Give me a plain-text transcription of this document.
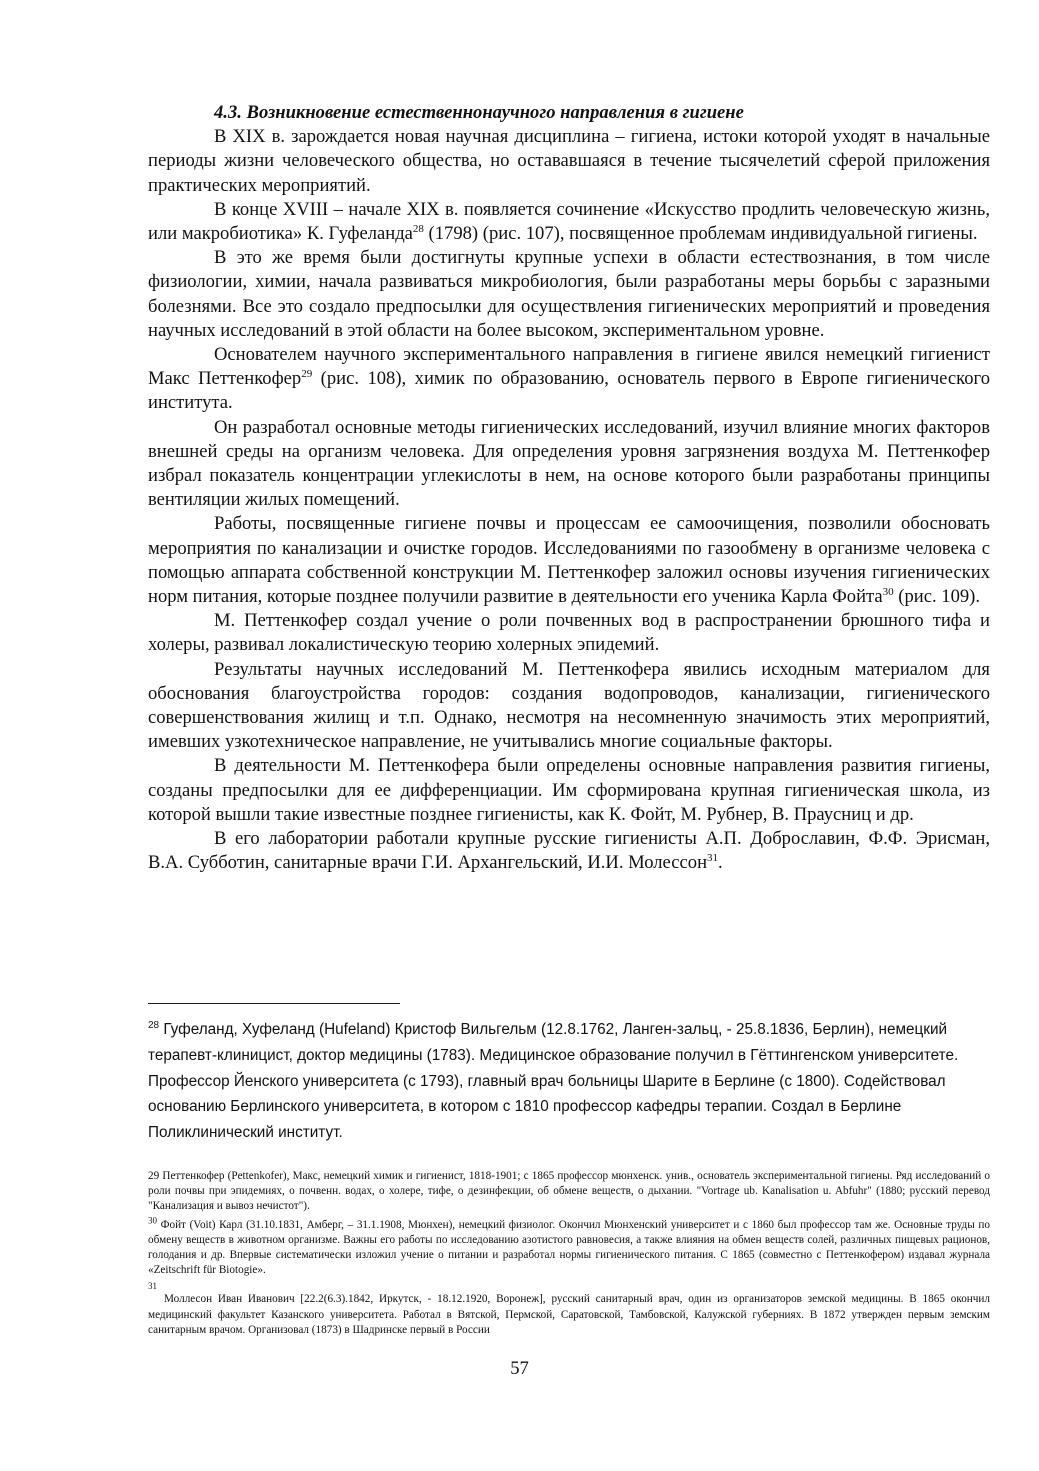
4.3. Возникновение естественнонаучного направления в гигиене

В XIX в. зарождается новая научная дисциплина – гигиена, истоки которой уходят в начальные периоды жизни человеческого общества, но остававшаяся в течение тысячелетий сферой приложения практических мероприятий.

В конце XVIII – начале XIX в. появляется сочинение «Искусство продлить человеческую жизнь, или макробиотика» К. Гуфеланда$^{28}$ (1798) (рис. 107), посвященное проблемам индивидуальной гигиены.

В это же время были достигнуты крупные успехи в области естествознания, в том числе физиологии, химии, начала развиваться микробиология, были разработаны меры борьбы с заразными болезнями. Все это создало предпосылки для осуществления гигиенических мероприятий и проведения научных исследований в этой области на более высоком, экспериментальном уровне.

Основателем научного экспериментального направления в гигиене явился немецкий гигиенист Макс Петтенкофер$^{29}$ (рис. 108), химик по образованию, основатель первого в Европе гигиенического института.

Он разработал основные методы гигиенических исследований, изучил влияние многих факторов внешней среды на организм человека. Для определения уровня загрязнения воздуха М. Петтенкофер избрал показатель концентрации углекислоты в нем, на основе которого были разработаны принципы вентиляции жилых помещений.

Работы, посвященные гигиене почвы и процессам ее самоочищения, позволили обосновать мероприятия по канализации и очистке городов. Исследованиями по газообмену в организме человека с помощью аппарата собственной конструкции М. Петтенкофер заложил основы изучения гигиенических норм питания, которые позднее получили развитие в деятельности его ученика Карла Фойта$^{30}$ (рис. 109).

М. Петтенкофер создал учение о роли почвенных вод в распространении брюшного тифа и холеры, развивал локалистическую теорию холерных эпидемий.

Результаты научных исследований М. Петтенкофера явились исходным материалом для обоснования благоустройства городов: создания водопроводов, канализации, гигиенического совершенствования жилищ и т.п. Однако, несмотря на несомненную значимость этих мероприятий, имевших узкотехническое направление, не учитывались многие социальные факторы.

В деятельности М. Петтенкофера были определены основные направления развития гигиены, созданы предпосылки для ее дифференциации. Им сформирована крупная гигиеническая школа, из которой вышли такие известные позднее гигиенисты, как К. Фойт, М. Рубнер, В. Праусниц и др.

В его лаборатории работали крупные русские гигиенисты А.П. Доброславин, Ф.Ф. Эрисман, В.А. Субботин, санитарные врачи Г.И. Архангельский, И.И. Молессон$^{31}$.

$^{28}$ Гуфеланд, Хуфеланд (Hufeland) Кристоф Вильгельм (12.8.1762, Ланген-зальц, - 25.8.1836, Берлин), немецкий терапевт-клиницист, доктор медицины (1783). Медицинское образование получил в Гёттингенском университете. Профессор Йенского университета (с 1793), главный врач больницы Шарите в Берлине (с 1800). Содействовал основанию Берлинского университета, в котором с 1810 профессор кафедры терапии. Создал в Берлине Поликлинический институт.

29 Петтенкофер (Pettenkofer), Макс, немецкий химик и гигиенист, 1818-1901; с 1865 профессор мюнхенск. унив., основатель экспериментальной гигиены. Ряд исследований о роли почвы при эпидемиях, о почвенн. водах, о холере, тифе, о дезинфекции, об обмене веществ, о дыхании. "Vortrage ub. Kanalisation u. Abfuhr" (1880; русский перевод "Канализация и вывоз нечистот").

$^{30}$ Фойт (Voit) Карл (31.10.1831, Амберг, – 31.1.1908, Мюнхен), немецкий физиолог. Окончил Мюнхенский университет и с 1860 был профессор там же. Основные труды по обмену веществ в животном организме. Важны его работы по исследованию азотистого равновесия, а также влияния на обмен веществ солей, различных пищевых рационов, голодания и др. Впервые систематически изложил учение о питании и разработал нормы гигиенического питания. С 1865 (совместно с Петтенкофером) издавал журнала «Zeitschrift für Biotogie».

31
Моллесон Иван Иванович [22.2(6.3).1842, Иркутск, - 18.12.1920, Воронеж], русский санитарный врач, один из организаторов земской медицины. В 1865 окончил медицинский факультет Казанского университета. Работал в Вятской, Пермской, Саратовской, Тамбовской, Калужской губерниях. В 1872 утвержден первым земским санитарным врачом. Организовал (1873) в Шадринске первый в России

57
